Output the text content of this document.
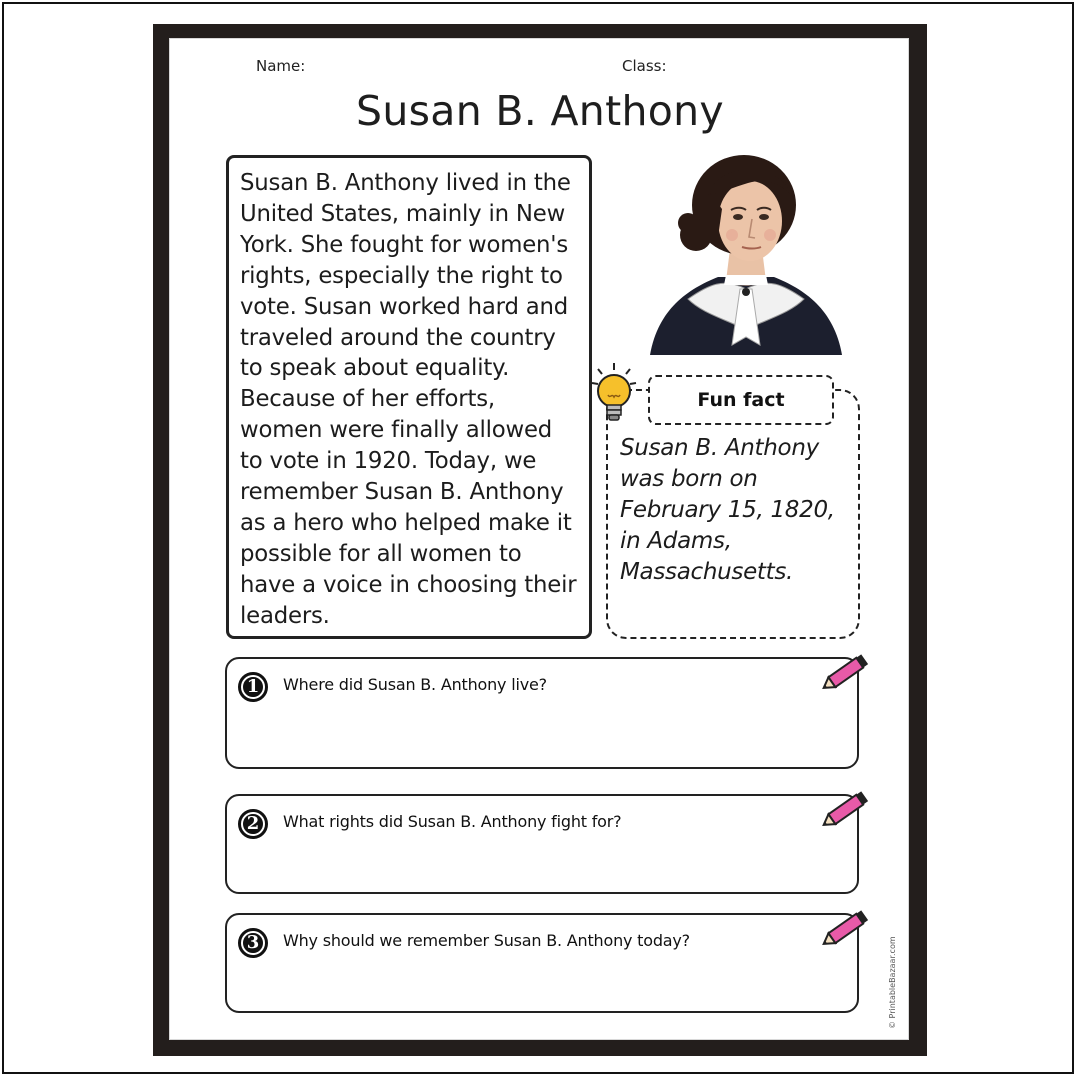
Name:	Class:
Susan B. Anthony
Susan B. Anthony lived in the United States, mainly in New York. She fought for women's rights, especially the right to vote. Susan worked hard and traveled around the country to speak about equality. Because of her efforts, women were finally allowed to vote in 1920. Today, we remember Susan B. Anthony as a hero who helped make it possible for all women to have a voice in choosing their leaders.
Fun fact
Susan B. Anthony was born on February 15, 1820, in Adams, Massachusetts.
1	Where did Susan B. Anthony live?
2	What rights did Susan B. Anthony fight for?
3	Why should we remember Susan B. Anthony today?	© PrintableBazaar.com
